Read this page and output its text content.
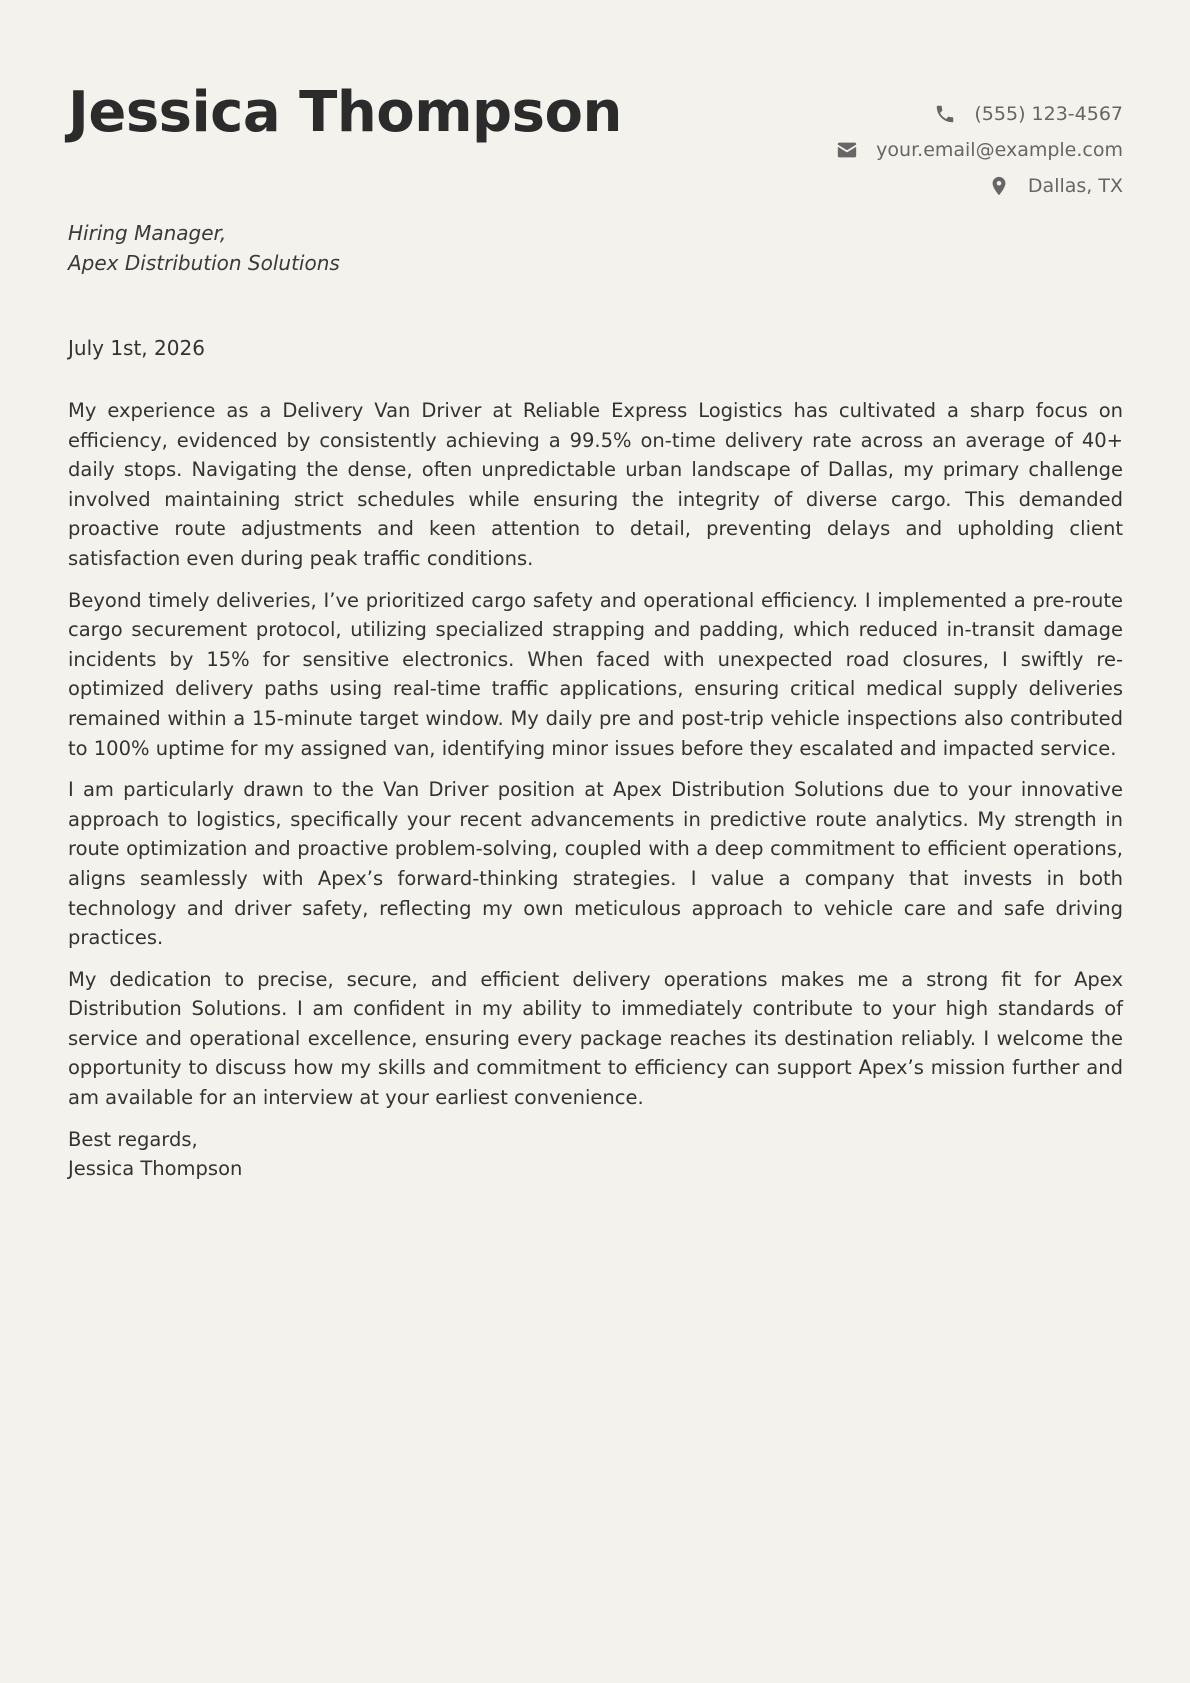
Jessica Thompson	(555) 123-4567
your.email@example.com
Dallas, TX
Hiring Manager,
Apex Distribution Solutions
July 1st, 2026

My experience as a Delivery Van Driver at Reliable Express Logistics has cultivated a sharp focus on efficiency, evidenced by consistently achieving a 99.5% on-time delivery rate across an average of 40+ daily stops. Navigating the dense, often unpredictable urban landscape of Dallas, my primary challenge involved maintaining strict schedules while ensuring the integrity of diverse cargo. This demanded proactive route adjustments and keen attention to detail, preventing delays and upholding client satisfaction even during peak traffic conditions.

Beyond timely deliveries, I’ve prioritized cargo safety and operational efficiency. I implemented a pre-route cargo securement protocol, utilizing specialized strapping and padding, which reduced in-transit damage incidents by 15% for sensitive electronics. When faced with unexpected road closures, I swiftly re-optimized delivery paths using real-time traffic applications, ensuring critical medical supply deliveries remained within a 15-minute target window. My daily pre and post-trip vehicle inspections also contributed to 100% uptime for my assigned van, identifying minor issues before they escalated and impacted service.

I am particularly drawn to the Van Driver position at Apex Distribution Solutions due to your innovative approach to logistics, specifically your recent advancements in predictive route analytics. My strength in route optimization and proactive problem-solving, coupled with a deep commitment to efficient operations, aligns seamlessly with Apex’s forward-thinking strategies. I value a company that invests in both technology and driver safety, reflecting my own meticulous approach to vehicle care and safe driving practices.

My dedication to precise, secure, and efficient delivery operations makes me a strong fit for Apex Distribution Solutions. I am confident in my ability to immediately contribute to your high standards of service and operational excellence, ensuring every package reaches its destination reliably. I welcome the opportunity to discuss how my skills and commitment to efficiency can support Apex’s mission further and am available for an interview at your earliest convenience.

Best regards,
Jessica Thompson
